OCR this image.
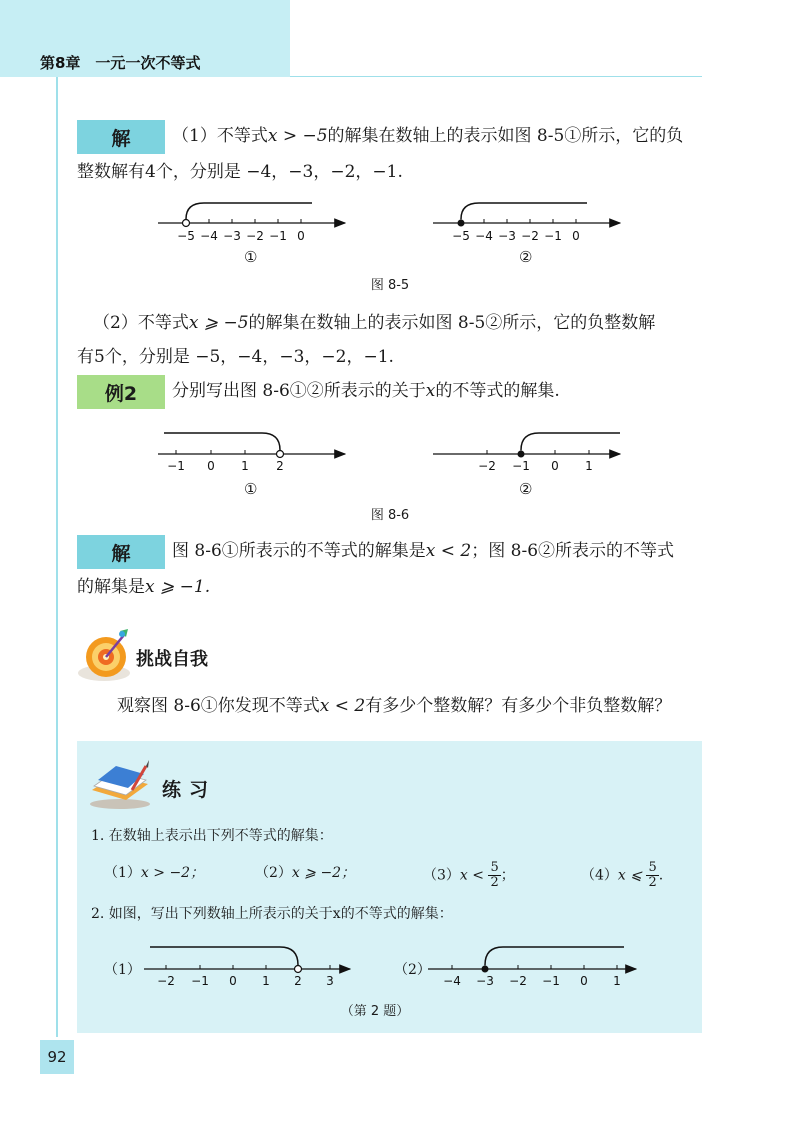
第8章　一元一次不等式
解	（1）不等式x > −5的解集在数轴上的表示如图 8-5①所示，它的负
整数解有4个，分别是 −4，−3，−2，−1.
−5 −4 −3 −2 −1 0	−5 −4 −3 −2 −1 0
①	②
图 8-5
（2）不等式x ⩾ −5的解集在数轴上的表示如图 8-5②所示，它的负整数解
有5个，分别是 −5，−4，−3，−2，−1.
例2	分别写出图 8-6①②所表示的关于x的不等式的解集.
−1 0 1 2	−2 −1 0 1
①	②
图 8-6
解	图 8-6①所表示的不等式的解集是x < 2；图 8-6②所表示的不等式
的解集是x ⩾ −1.
挑战自我
观察图 8-6①你发现不等式x < 2有多少个整数解？有多少个非负整数解？
练习
1. 在数轴上表示出下列不等式的解集：
（1）x > −2；	（2）x ⩾ −2；	$(3)x < \frac{5}{2}$ ；	（4）x ⩽ $\frac{5}{2}$ .
2. 如图，写出下列数轴上所表示的关于x的不等式的解集：
（1）	（2）
−2 −1 0 1 2 3	−4 −3 −2 −1 0 1
（第 2 题）
92
